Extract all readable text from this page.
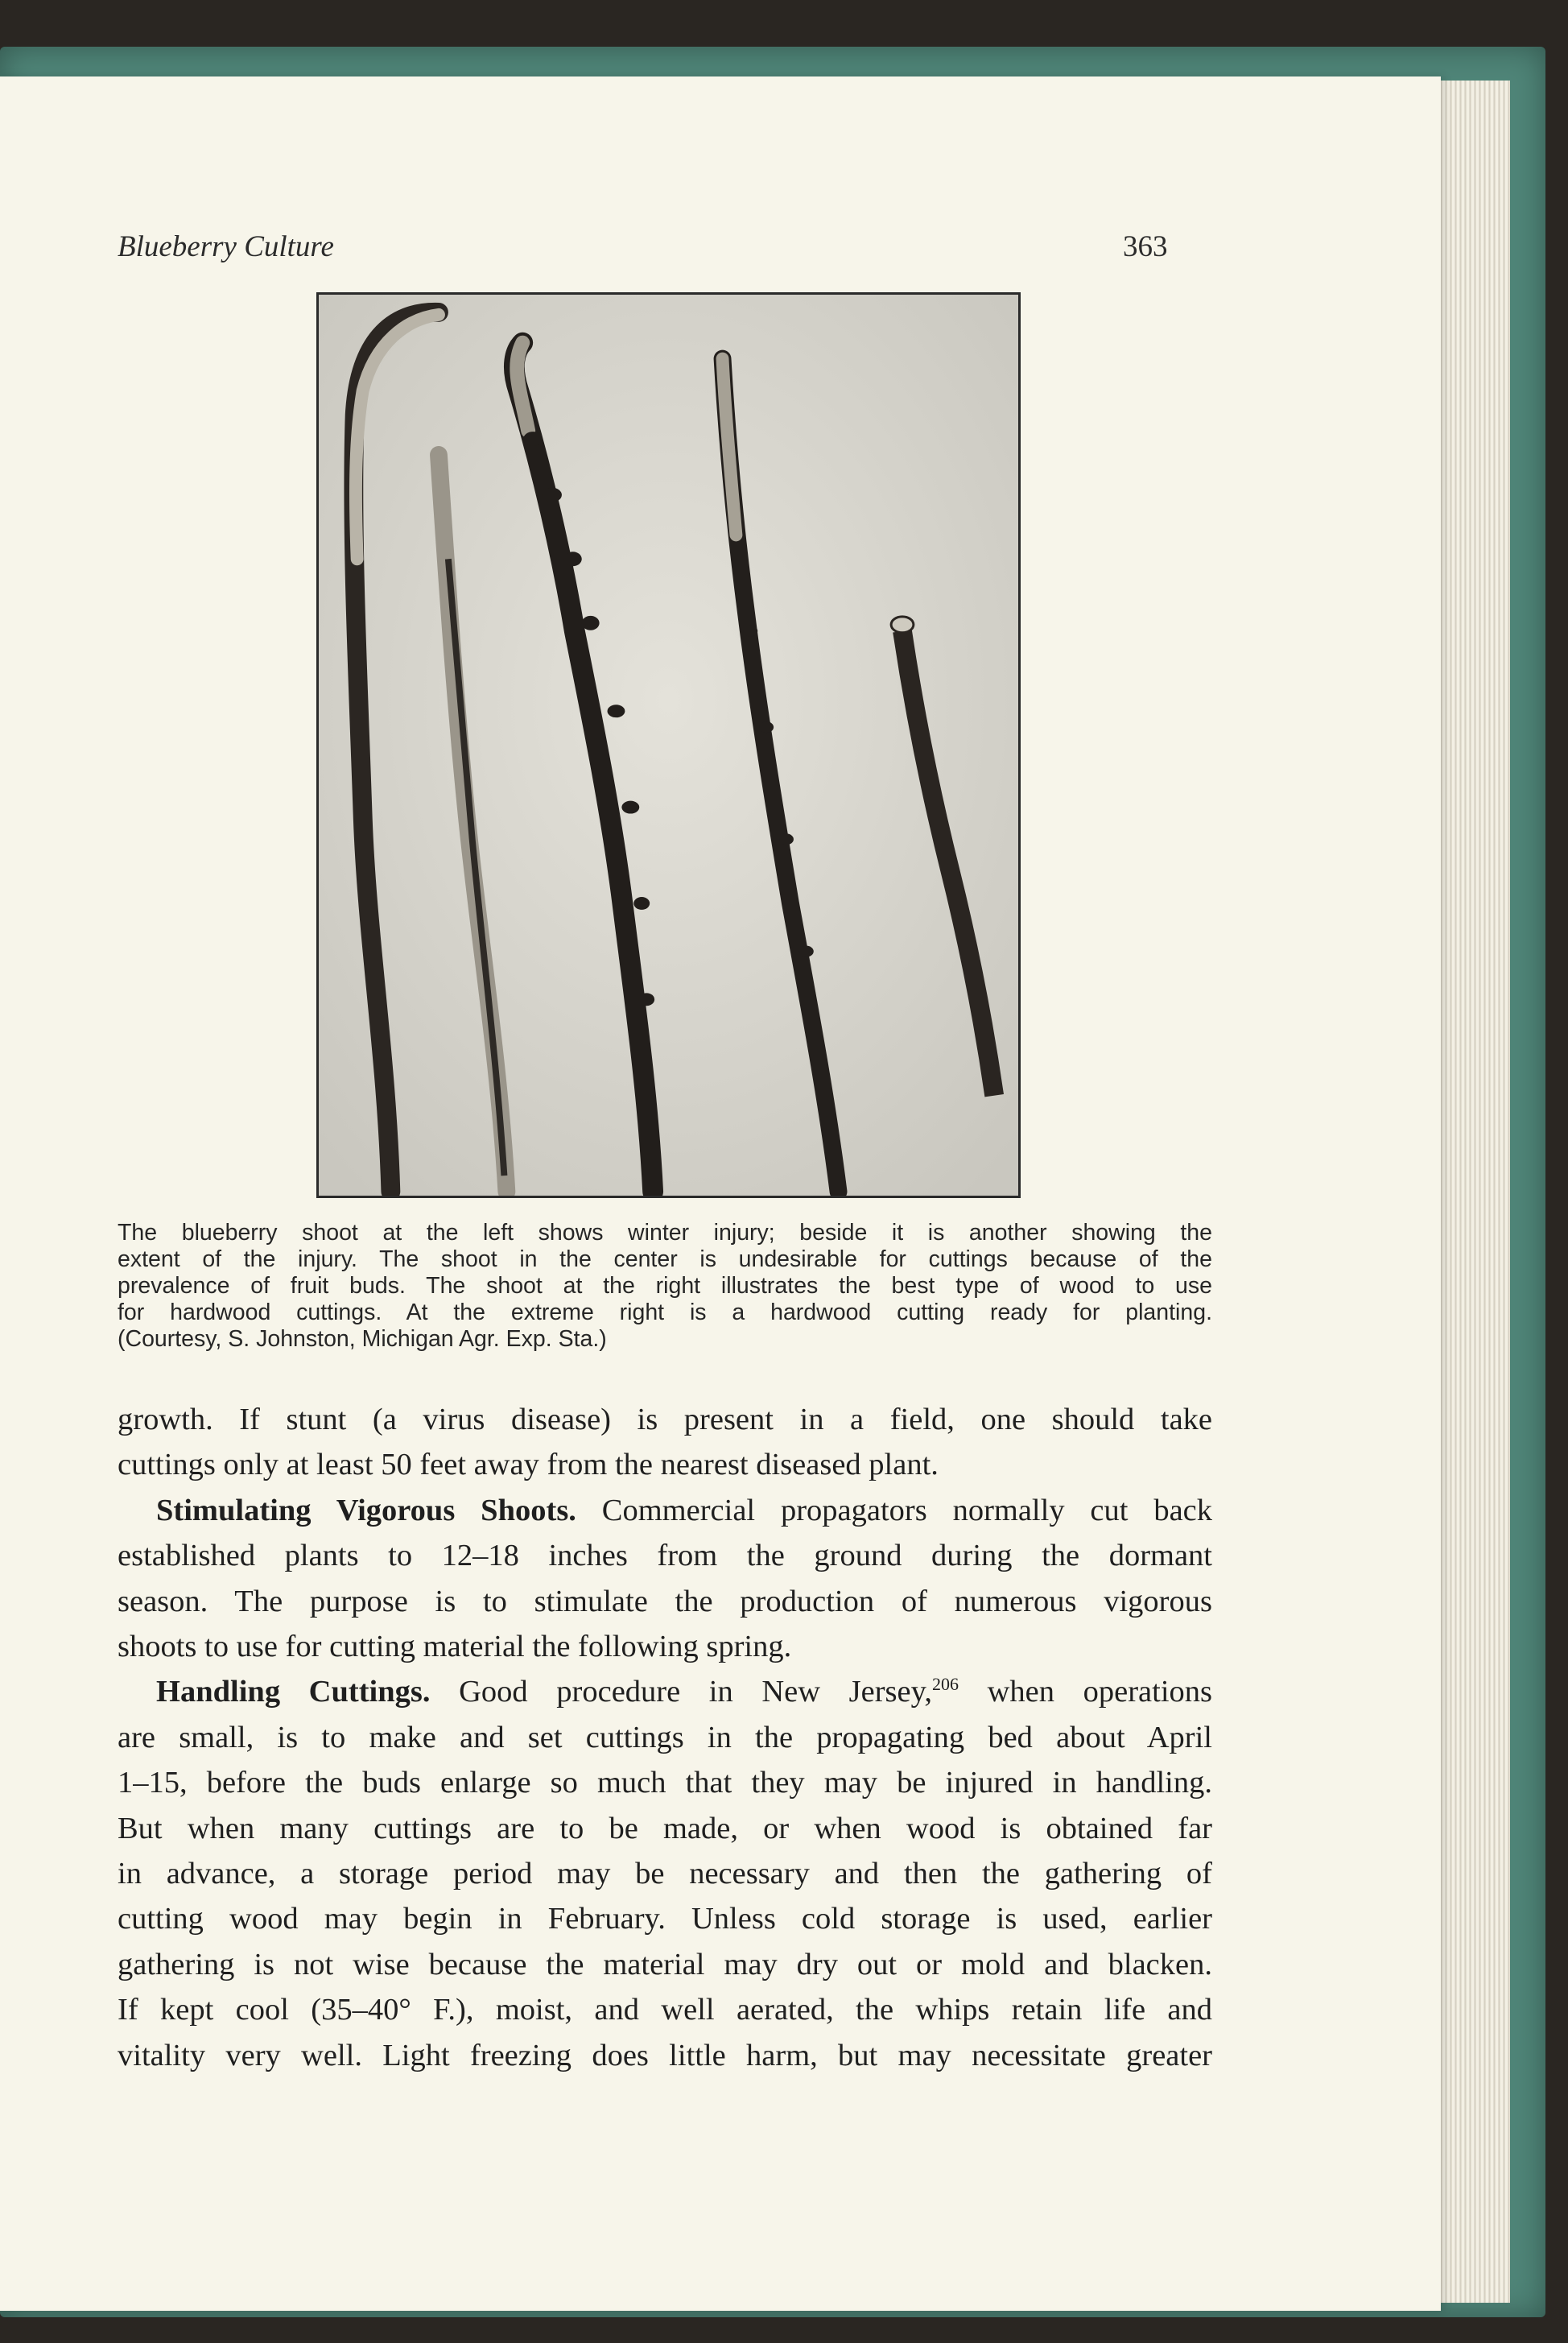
Blueberry Culture	363
The blueberry shoot at the left shows winter injury; beside it is another showing the
extent of the injury. The shoot in the center is undesirable for cuttings because of the
prevalence of fruit buds. The shoot at the right illustrates the best type of wood to use
for hardwood cuttings. At the extreme right is a hardwood cutting ready for planting.
(Courtesy, S. Johnston, Michigan Agr. Exp. Sta.)
growth. If stunt (a virus disease) is present in a field, one should take
cuttings only at least 50 feet away from the nearest diseased plant.
Stimulating Vigorous Shoots. Commercial propagators normally cut back
established plants to 12–18 inches from the ground during the dormant
season. The purpose is to stimulate the production of numerous vigorous
shoots to use for cutting material the following spring.
Handling Cuttings. Good procedure in New Jersey,$^{206}$ when operations
are small, is to make and set cuttings in the propagating bed about April
1–15, before the buds enlarge so much that they may be injured in handling.
But when many cuttings are to be made, or when wood is obtained far
in advance, a storage period may be necessary and then the gathering of
cutting wood may begin in February. Unless cold storage is used, earlier
gathering is not wise because the material may dry out or mold and blacken.
If kept cool (35–40° F.), moist, and well aerated, the whips retain life and
vitality very well. Light freezing does little harm, but may necessitate greater
